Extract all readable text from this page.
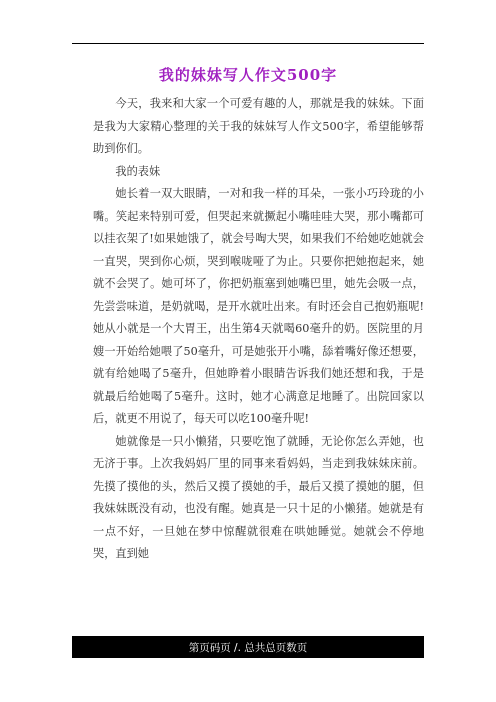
我的妹妹写人作文500字

今天，我来和大家一个可爱有趣的人，那就是我的妹妹。下面是我为大家精心整理的关于我的妹妹写人作文500字，希望能够帮助到你们。

我的表妹

她长着一双大眼睛，一对和我一样的耳朵，一张小巧玲珑的小嘴。笑起来特别可爱，但哭起来就撅起小嘴哇哇大哭，那小嘴都可以挂衣架了!如果她饿了，就会号啕大哭，如果我们不给她吃她就会一直哭，哭到你心烦，哭到喉咙哑了为止。只要你把她抱起来，她就不会哭了。她可坏了，你把奶瓶塞到她嘴巴里，她先会吸一点，先尝尝味道，是奶就喝，是开水就吐出来。有时还会自己抱奶瓶呢!她从小就是一个大胃王，出生第4天就喝60毫升的奶。医院里的月嫂一开始给她喂了50毫升，可是她张开小嘴，舔着嘴好像还想要，就有给她喝了5毫升，但她睁着小眼睛告诉我们她还想和我，于是就最后给她喝了5毫升。这时，她才心满意足地睡了。出院回家以后，就更不用说了，每天可以吃100毫升呢!

她就像是一只小懒猪，只要吃饱了就睡，无论你怎么弄她，也无济于事。上次我妈妈厂里的同事来看妈妈，当走到我妹妹床前。先摸了摸他的头，然后又摸了摸她的手，最后又摸了摸她的腿，但我妹妹既没有动，也没有醒。她真是一只十足的小懒猪。她就是有一点不好，一旦她在梦中惊醒就很难在哄她睡觉。她就会不停地哭，直到她

第页码页 /. 总共总页数页
